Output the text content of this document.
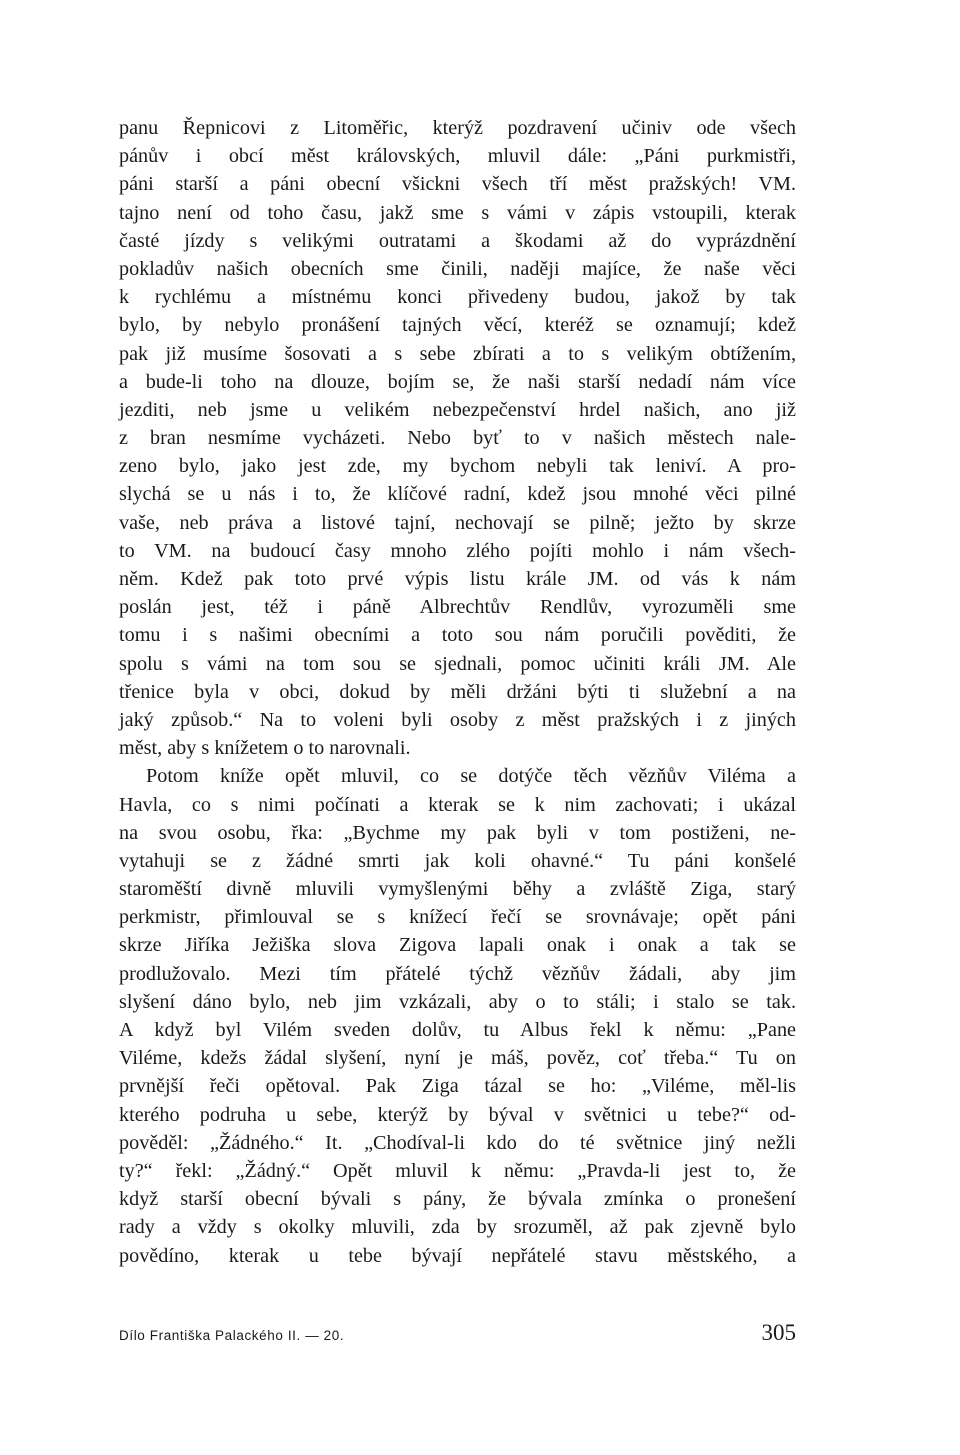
panu Řepnicovi z Litoměřic, kterýž pozdravení učiniv ode všech
pánův i obcí měst královských, mluvil dále: „Páni purkmistři,
páni starší a páni obecní všickni všech tří měst pražských! VM.
tajno není od toho času, jakž sme s vámi v zápis vstoupili, kterak
časté jízdy s velikými outratami a škodami až do vyprázdnění
pokladův našich obecních sme činili, naději majíce, že naše věci
k rychlému a místnému konci přivedeny budou, jakož by tak
bylo, by nebylo pronášení tajných věcí, kteréž se oznamují; kdež
pak již musíme šosovati a s sebe zbírati a to s velikým obtížením,
a bude-li toho na dlouze, bojím se, že naši starší nedadí nám více
jezditi, neb jsme u velikém nebezpečenství hrdel našich, ano již
z bran nesmíme vycházeti. Nebo byť to v našich městech nale-
zeno bylo, jako jest zde, my bychom nebyli tak leniví. A pro-
slychá se u nás i to, že klíčové radní, kdež jsou mnohé věci pilné
vaše, neb práva a listové tajní, nechovají se pilně; ježto by skrze
to VM. na budoucí časy mnoho zlého pojíti mohlo i nám všech-
něm. Kdež pak toto prvé výpis listu krále JM. od vás k nám
poslán jest, též i páně Albrechtův Rendlův, vyrozuměli sme
tomu i s našimi obecními a toto sou nám poručili pověditi, že
spolu s vámi na tom sou se sjednali, pomoc učiniti králi JM. Ale
třenice byla v obci, dokud by měli držáni býti ti služební a na
jaký způsob.“ Na to voleni byli osoby z měst pražských i z jiných
měst, aby s knížetem o to narovnali.

Potom kníže opět mluvil, co se dotýče těch vězňův Viléma a
Havla, co s nimi počínati a kterak se k nim zachovati; i ukázal
na svou osobu, řka: „Bychme my pak byli v tom postiženi, ne-
vytahuji se z žádné smrti jak koli ohavné.“ Tu páni konšelé
staroměští divně mluvili vymyšlenými běhy a zvláště Ziga, starý
perkmistr, přimlouval se s knížecí řečí se srovnávaje; opět páni
skrze Jiříka Ježiška slova Zigova lapali onak i onak a tak se
prodlužovalo. Mezi tím přátelé týchž vězňův žádali, aby jim
slyšení dáno bylo, neb jim vzkázali, aby o to stáli; i stalo se tak.
A když byl Vilém sveden dolův, tu Albus řekl k němu: „Pane
Viléme, kdežs žádal slyšení, nyní je máš, pověz, coť třeba.“ Tu on
prvnější řeči opětoval. Pak Ziga tázal se ho: „Viléme, měl-lis
kterého podruha u sebe, kterýž by býval v světnici u tebe?“ od-
pověděl: „Žádného.“ It. „Chodíval-li kdo do té světnice jiný nežli
ty?“ řekl: „Žádný.“ Opět mluvil k němu: „Pravda-li jest to, že
když starší obecní bývali s pány, že bývala zmínka o pronešení
rady a vždy s okolky mluvili, zda by srozuměl, až pak zjevně bylo
povědíno, kterak u tebe bývají nepřátelé stavu městského, a

Dílo Františka Palackého II. — 20.	305
